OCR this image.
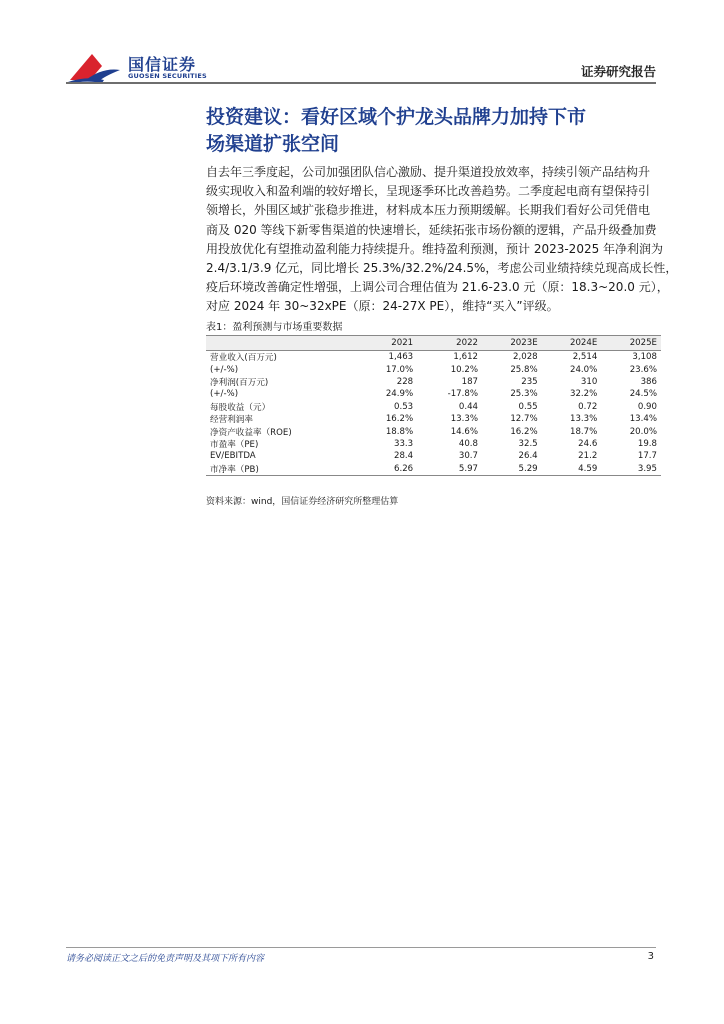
国信证券
GUOSEN SECURITIES	证券研究报告
投资建议：看好区域个护龙头品牌力加持下市
场渠道扩张空间
自去年三季度起，公司加强团队信心激励、提升渠道投放效率，持续引领产品结构升
级实现收入和盈利端的较好增长，呈现逐季环比改善趋势。二季度起电商有望保持引
领增长，外围区域扩张稳步推进，材料成本压力预期缓解。长期我们看好公司凭借电
商及 020 等线下新零售渠道的快速增长，延续拓张市场份额的逻辑，产品升级叠加费
用投放优化有望推动盈利能力持续提升。维持盈利预测，预计 2023-2025 年净利润为
2.4/3.1/3.9 亿元，同比增长 25.3%/32.2%/24.5%，考虑公司业绩持续兑现高成长性，
疫后环境改善确定性增强，上调公司合理估值为 21.6-23.0 元（原：18.3~20.0 元），
对应 2024 年 30~32xPE（原：24-27X PE），维持“买入”评级。
表1：盈利预测与市场重要数据
	2021	2022	2023E	2024E	2025E
营业收入(百万元)	1,463	1,612	2,028	2,514	3,108
(+/-%)	17.0%	10.2%	25.8%	24.0%	23.6%
净利润(百万元)	228	187	235	310	386
(+/-%)	24.9%	-17.8%	25.3%	32.2%	24.5%
每股收益（元）	0.53	0.44	0.55	0.72	0.90
经营利润率	16.2%	13.3%	12.7%	13.3%	13.4%
净资产收益率（ROE)	18.8%	14.6%	16.2%	18.7%	20.0%
市盈率（PE)	33.3	40.8	32.5	24.6	19.8
EV/EBITDA	28.4	30.7	26.4	21.2	17.7
市净率（PB)	6.26	5.97	5.29	4.59	3.95
资料来源：wind，国信证券经济研究所整理估算
请务必阅读正文之后的免责声明及其项下所有内容	3
